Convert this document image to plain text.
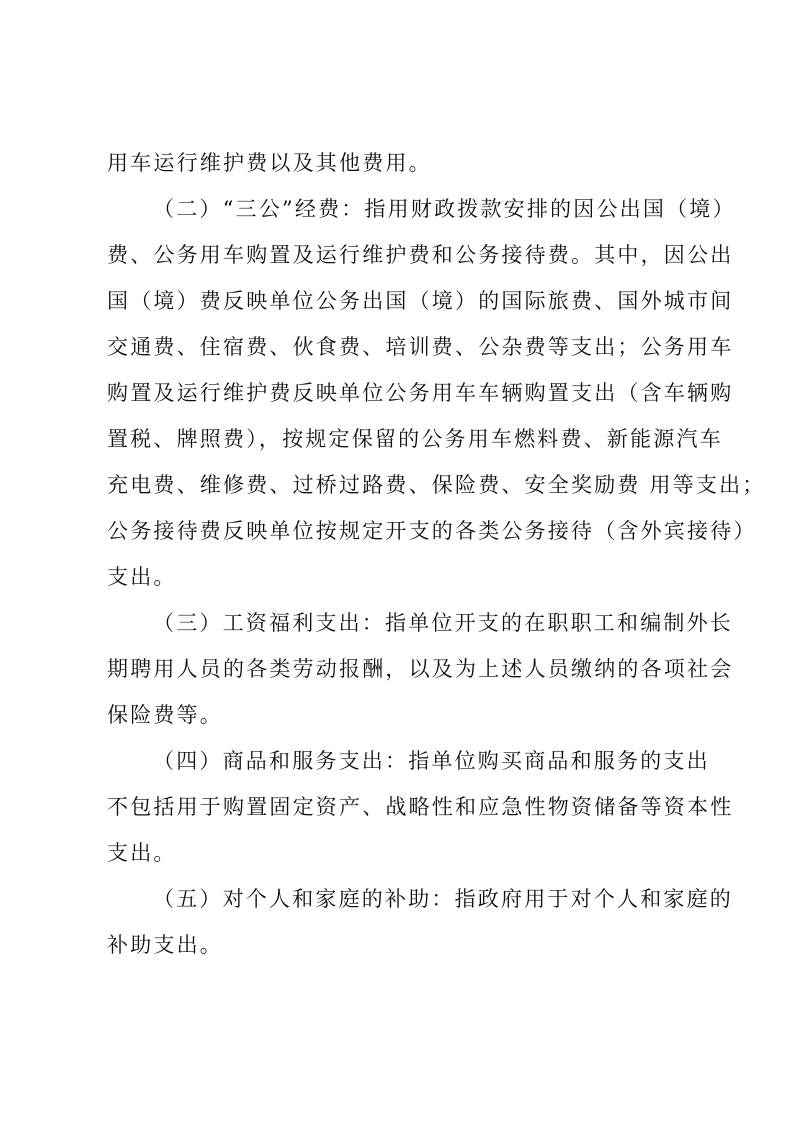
用车运行维护费以及其他费用。
（二）“三公”经费：指用财政拨款安排的因公出国（境）
费、公务用车购置及运行维护费和公务接待费。其中，因公出
国（境）费反映单位公务出国（境）的国际旅费、国外城市间
交通费、住宿费、伙食费、培训费、公杂费等支出；公务用车
购置及运行维护费反映单位公务用车车辆购置支出（含车辆购
置税、牌照费），按规定保留的公务用车燃料费、新能源汽车
充电费、维修费、过桥过路费、保险费、安全奖励费 用等支出；
公务接待费反映单位按规定开支的各类公务接待（含外宾接待）
支出。
（三）工资福利支出：指单位开支的在职职工和编制外长
期聘用人员的各类劳动报酬，以及为上述人员缴纳的各项社会
保险费等。
（四）商品和服务支出：指单位购买商品和服务的支出
不包括用于购置固定资产、战略性和应急性物资储备等资本性
支出。
（五）对个人和家庭的补助：指政府用于对个人和家庭的
补助支出。
